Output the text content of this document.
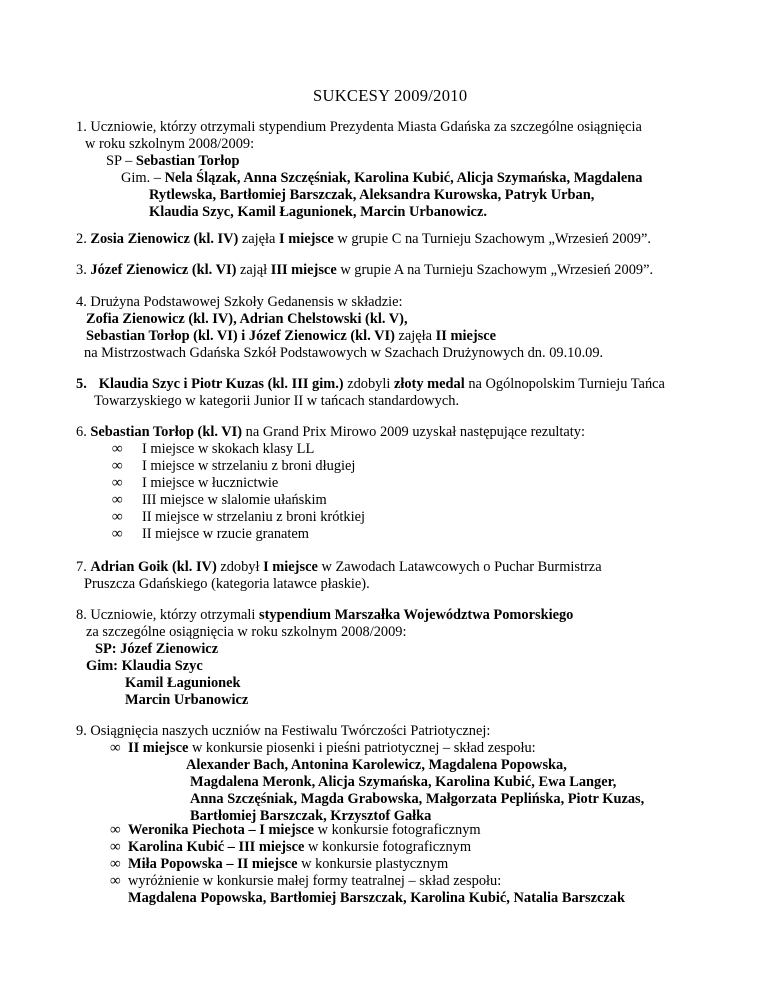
SUKCESY 2009/2010
1. Uczniowie, którzy otrzymali stypendium Prezydenta Miasta Gdańska za szczególne osiągnięcia
w roku szkolnym 2008/2009:
SP – Sebastian Torłop
Gim. – Nela Ślązak, Anna Szczęśniak, Karolina Kubić, Alicja Szymańska, Magdalena
Rytlewska, Bartłomiej Barszczak, Aleksandra Kurowska, Patryk Urban,
Klaudia Szyc, Kamil Łagunionek, Marcin Urbanowicz.
2. Zosia Zienowicz (kl. IV) zajęła I miejsce w grupie C na Turnieju Szachowym „Wrzesień 2009”.
3. Józef Zienowicz (kl. VI) zajął III miejsce w grupie A na Turnieju Szachowym „Wrzesień 2009”.
4. Drużyna Podstawowej Szkoły Gedanensis w składzie:
Zofia Zienowicz (kl. IV), Adrian Chelstowski (kl. V),
Sebastian Torłop (kl. VI) i Józef Zienowicz (kl. VI) zajęła II miejsce
na Mistrzostwach Gdańska Szkół Podstawowych w Szachach Drużynowych dn. 09.10.09.
5. Klaudia Szyc i Piotr Kuzas (kl. III gim.) zdobyli złoty medal na Ogólnopolskim Turnieju Tańca
Towarzyskiego w kategorii Junior II w tańcach standardowych.
6. Sebastian Torłop (kl. VI) na Grand Prix Mirowo 2009 uzyskał następujące rezultaty:
∞ I miejsce w skokach klasy LL
∞ I miejsce w strzelaniu z broni długiej
∞ I miejsce w łucznictwie
∞ III miejsce w slalomie ułańskim
∞ II miejsce w strzelaniu z broni krótkiej
∞ II miejsce w rzucie granatem
7. Adrian Goik (kl. IV) zdobył I miejsce w Zawodach Latawcowych o Puchar Burmistrza
Pruszcza Gdańskiego (kategoria latawce płaskie).
8. Uczniowie, którzy otrzymali stypendium Marszałka Województwa Pomorskiego
za szczególne osiągnięcia w roku szkolnym 2008/2009:
SP: Józef Zienowicz
Gim: Klaudia Szyc
Kamil Łagunionek
Marcin Urbanowicz
9. Osiągnięcia naszych uczniów na Festiwalu Twórczości Patriotycznej:
∞ II miejsce w konkursie piosenki i pieśni patriotycznej – skład zespołu:
Alexander Bach, Antonina Karolewicz, Magdalena Popowska,
Magdalena Meronk, Alicja Szymańska, Karolina Kubić, Ewa Langer,
Anna Szczęśniak, Magda Grabowska, Małgorzata Peplińska, Piotr Kuzas,
Bartłomiej Barszczak, Krzysztof Gałka
∞ Weronika Piechota – I miejsce w konkursie fotograficznym
∞ Karolina Kubić – III miejsce w konkursie fotograficznym
∞ Miła Popowska – II miejsce w konkursie plastycznym
∞ wyróżnienie w konkursie małej formy teatralnej – skład zespołu:
Magdalena Popowska, Bartłomiej Barszczak, Karolina Kubić, Natalia Barszczak
